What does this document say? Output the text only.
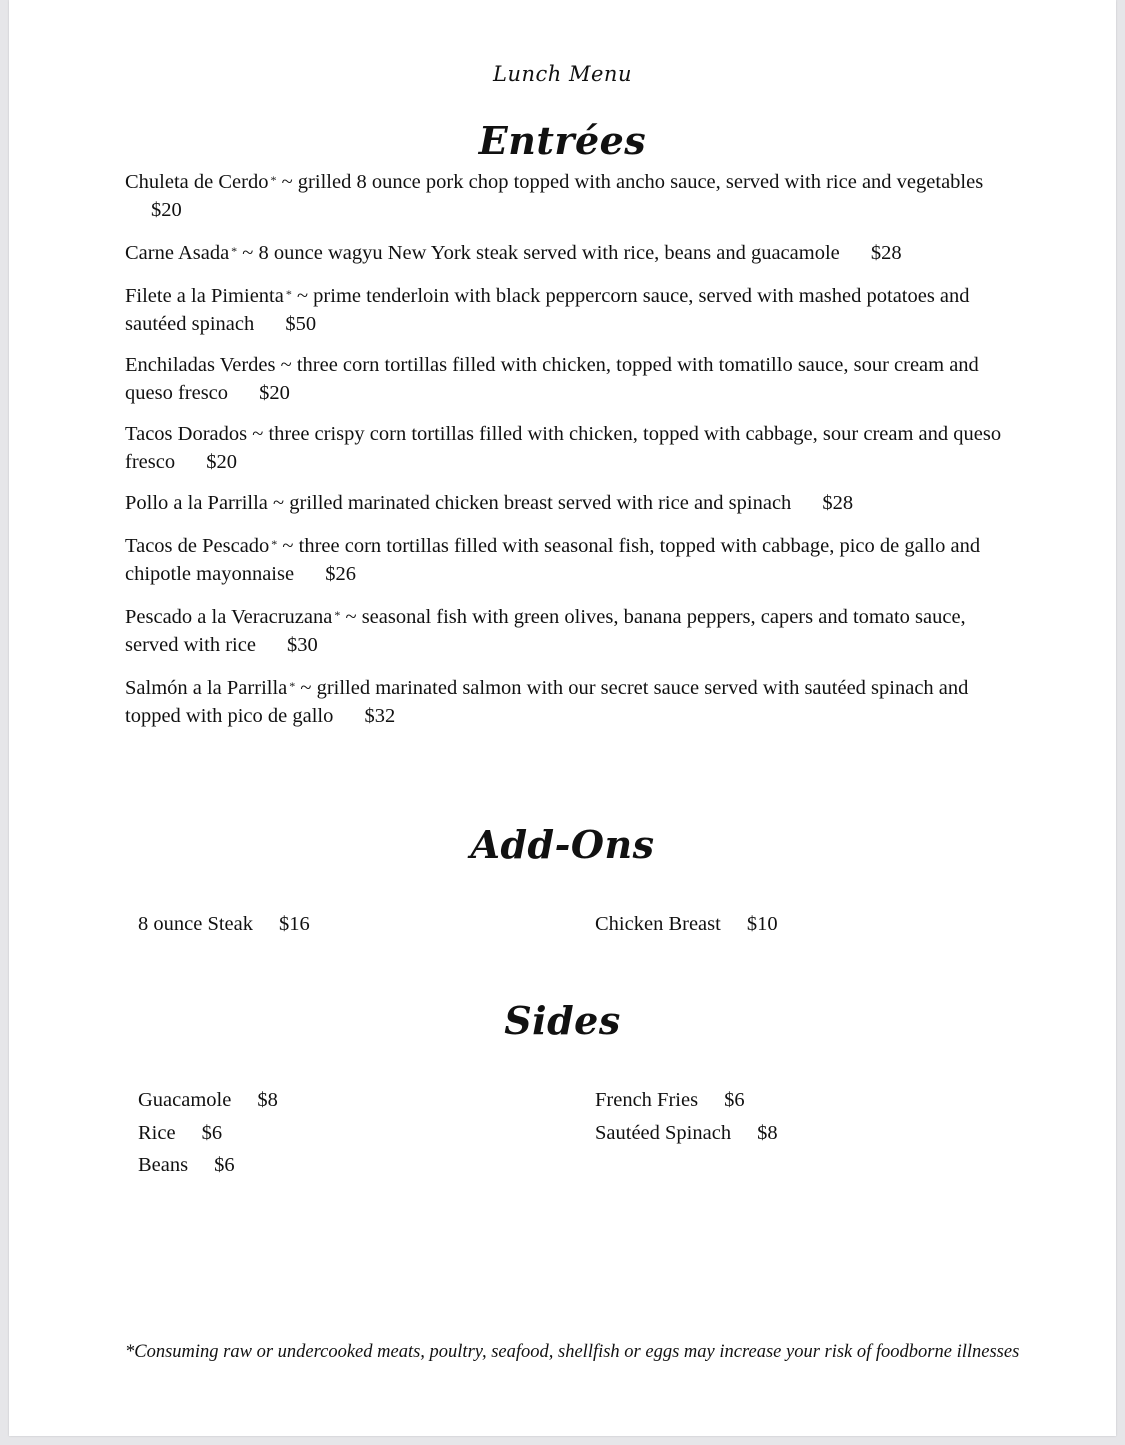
Lunch Menu
Entrées
Chuleta de Cerdo * ~ grilled 8 ounce pork chop topped with ancho sauce, served with rice and vegetables $20
Carne Asada * ~ 8 ounce wagyu New York steak served with rice, beans and guacamole $28
Filete a la Pimienta * ~ prime tenderloin with black peppercorn sauce, served with mashed potatoes and sautéed spinach $50
Enchiladas Verdes ~ three corn tortillas filled with chicken, topped with tomatillo sauce, sour cream and queso fresco $20
Tacos Dorados ~ three crispy corn tortillas filled with chicken, topped with cabbage, sour cream and queso fresco $20
Pollo a la Parrilla ~ grilled marinated chicken breast served with rice and spinach $28
Tacos de Pescado * ~ three corn tortillas filled with seasonal fish, topped with cabbage, pico de gallo and chipotle mayonnaise $26
Pescado a la Veracruzana * ~ seasonal fish with green olives, banana peppers, capers and tomato sauce, served with rice $30
Salmón a la Parrilla * ~ grilled marinated salmon with our secret sauce served with sautéed spinach and topped with pico de gallo $32
Add-Ons
8 ounce Steak $16	Chicken Breast $10
Sides
Guacamole $8
Rice $6
Beans $6
French Fries $6
Sautéed Spinach $8
*Consuming raw or undercooked meats, poultry, seafood, shellfish or eggs may increase your risk of foodborne illnesses
